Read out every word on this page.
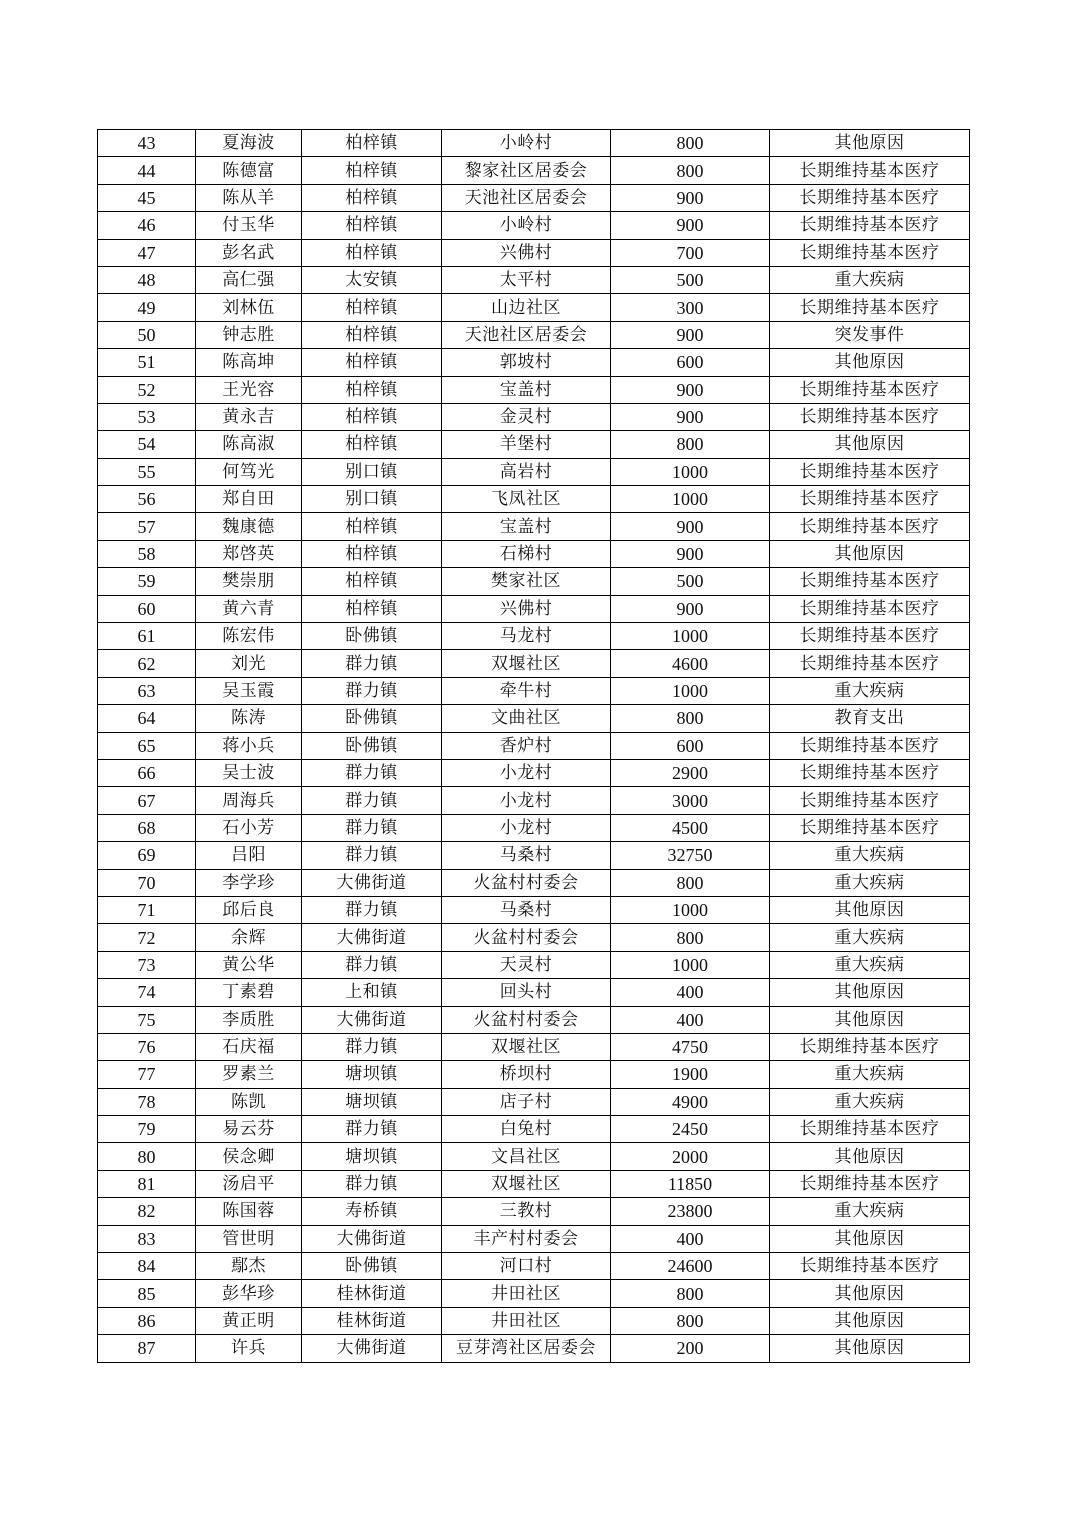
43	夏海波	柏梓镇	小岭村	800	其他原因
44	陈德富	柏梓镇	黎家社区居委会	800	长期维持基本医疗
45	陈从羊	柏梓镇	天池社区居委会	900	长期维持基本医疗
46	付玉华	柏梓镇	小岭村	900	长期维持基本医疗
47	彭名武	柏梓镇	兴佛村	700	长期维持基本医疗
48	高仁强	太安镇	太平村	500	重大疾病
49	刘林伍	柏梓镇	山边社区	300	长期维持基本医疗
50	钟志胜	柏梓镇	天池社区居委会	900	突发事件
51	陈高坤	柏梓镇	郭坡村	600	其他原因
52	王光容	柏梓镇	宝盖村	900	长期维持基本医疗
53	黄永吉	柏梓镇	金灵村	900	长期维持基本医疗
54	陈高淑	柏梓镇	羊堡村	800	其他原因
55	何笃光	别口镇	高岩村	1000	长期维持基本医疗
56	郑自田	别口镇	飞凤社区	1000	长期维持基本医疗
57	魏康德	柏梓镇	宝盖村	900	长期维持基本医疗
58	郑啓英	柏梓镇	石梯村	900	其他原因
59	樊崇朋	柏梓镇	樊家社区	500	长期维持基本医疗
60	黄六青	柏梓镇	兴佛村	900	长期维持基本医疗
61	陈宏伟	卧佛镇	马龙村	1000	长期维持基本医疗
62	刘光	群力镇	双堰社区	4600	长期维持基本医疗
63	吴玉霞	群力镇	牵牛村	1000	重大疾病
64	陈涛	卧佛镇	文曲社区	800	教育支出
65	蒋小兵	卧佛镇	香炉村	600	长期维持基本医疗
66	吴士波	群力镇	小龙村	2900	长期维持基本医疗
67	周海兵	群力镇	小龙村	3000	长期维持基本医疗
68	石小芳	群力镇	小龙村	4500	长期维持基本医疗
69	吕阳	群力镇	马桑村	32750	重大疾病
70	李学珍	大佛街道	火盆村村委会	800	重大疾病
71	邱后良	群力镇	马桑村	1000	其他原因
72	余辉	大佛街道	火盆村村委会	800	重大疾病
73	黄公华	群力镇	天灵村	1000	重大疾病
74	丁素碧	上和镇	回头村	400	其他原因
75	李质胜	大佛街道	火盆村村委会	400	其他原因
76	石庆福	群力镇	双堰社区	4750	长期维持基本医疗
77	罗素兰	塘坝镇	桥坝村	1900	重大疾病
78	陈凯	塘坝镇	店子村	4900	重大疾病
79	易云芬	群力镇	白兔村	2450	长期维持基本医疗
80	侯念卿	塘坝镇	文昌社区	2000	其他原因
81	汤启平	群力镇	双堰社区	11850	长期维持基本医疗
82	陈国蓉	寿桥镇	三教村	23800	重大疾病
83	管世明	大佛街道	丰产村村委会	400	其他原因
84	鄢杰	卧佛镇	河口村	24600	长期维持基本医疗
85	彭华珍	桂林街道	井田社区	800	其他原因
86	黄正明	桂林街道	井田社区	800	其他原因
87	许兵	大佛街道	豆芽湾社区居委会	200	其他原因
